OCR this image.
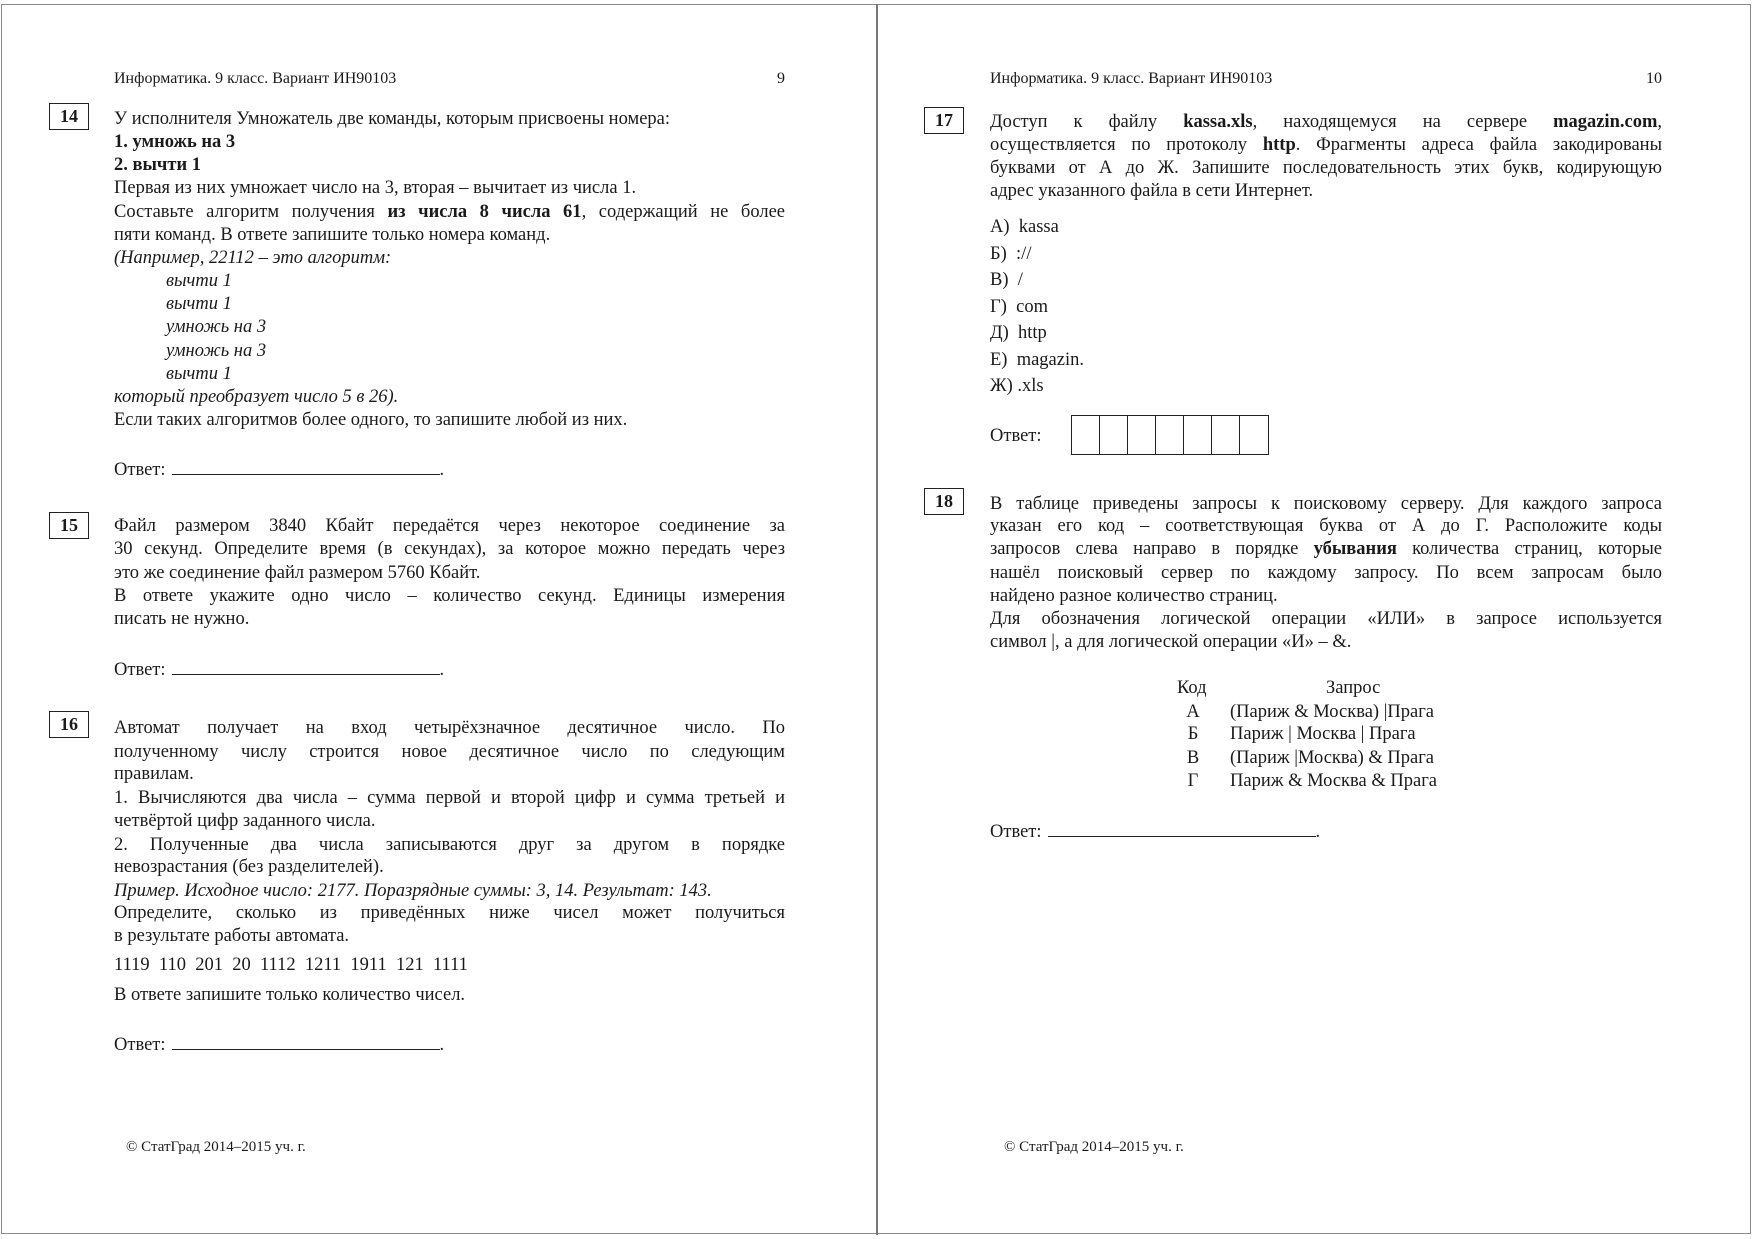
Информатика. 9 класс. Вариант ИН90103	9
14	У исполнителя Умножатель две команды, которым присвоены номера:
1. умножь на 3
2. вычти 1
Первая из них умножает число на 3, вторая – вычитает из числа 1.
Составьте алгоритм получения из числа 8 числа 61, содержащий не более
пяти команд. В ответе запишите только номера команд.
(Например, 22112 – это алгоритм:
вычти 1
вычти 1
умножь на 3
умножь на 3
вычти 1
который преобразует число 5 в 26).
Если таких алгоритмов более одного, то запишите любой из них.
Ответ:	.
15	Файл размером 3840 Кбайт передаётся через некоторое соединение за
30 секунд. Определите время (в секундах), за которое можно передать через
это же соединение файл размером 5760 Кбайт.
В ответе укажите одно число – количество секунд. Единицы измерения
писать не нужно.
Ответ:	.
16	Автомат получает на вход четырёхзначное десятичное число. По
полученному числу строится новое десятичное число по следующим
правилам.
1. Вычисляются два числа – сумма первой и второй цифр и сумма третьей и
четвёртой цифр заданного числа.
2. Полученные два числа записываются друг за другом в порядке
невозрастания (без разделителей).
Пример. Исходное число: 2177. Поразрядные суммы: 3, 14. Результат: 143.
Определите, сколько из приведённых ниже чисел может получиться
в результате работы автомата.
1119  110  201  20  1112  1211  1911  121  1111
В ответе запишите только количество чисел.
Ответ:	.
© СтатГрад 2014–2015 уч. г.
Информатика. 9 класс. Вариант ИН90103	10
17	Доступ к файлу kassa.xls, находящемуся на сервере magazin.com,
осуществляется по протоколу http. Фрагменты адреса файла закодированы
буквами от А до Ж. Запишите последовательность этих букв, кодирующую
адрес указанного файла в сети Интернет.
А)  kassa
Б)  ://
В)  /
Г)  com
Д)  http
Е)  magazin.
Ж) .xls
Ответ:
18	В таблице приведены запросы к поисковому серверу. Для каждого запроса
указан его код – соответствующая буква от А до Г. Расположите коды
запросов слева направо в порядке убывания количества страниц, которые
нашёл поисковый сервер по каждому запросу. По всем запросам было
найдено разное количество страниц.
Для обозначения логической операции «ИЛИ» в запросе используется
символ |, а для логической операции «И» – &.
Код	Запрос
А (Париж & Москва) |Прага
Б	Париж | Москва | Прага
В (Париж |Москва) & Прага
Г	Париж & Москва & Прага
Ответ:	.
© СтатГрад 2014–2015 уч. г.
